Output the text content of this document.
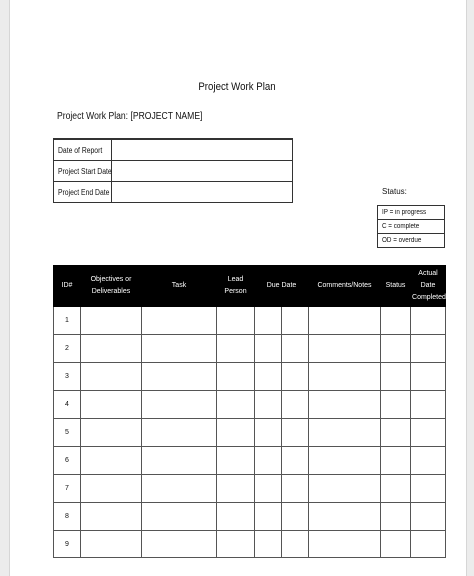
Project Work Plan
Project Work Plan: [PROJECT NAME]
Date of Report	
Project Start Date	
Project End Date		Status:
IP = in progress
C = complete
OD = overdue
ID#	Objectives or Deliverables	Task	Lead Person	Due Date		Comments/Notes	Status	Actual Date Completed
1								
2								
3								
4								
5								
6								
7								
8								
9								
